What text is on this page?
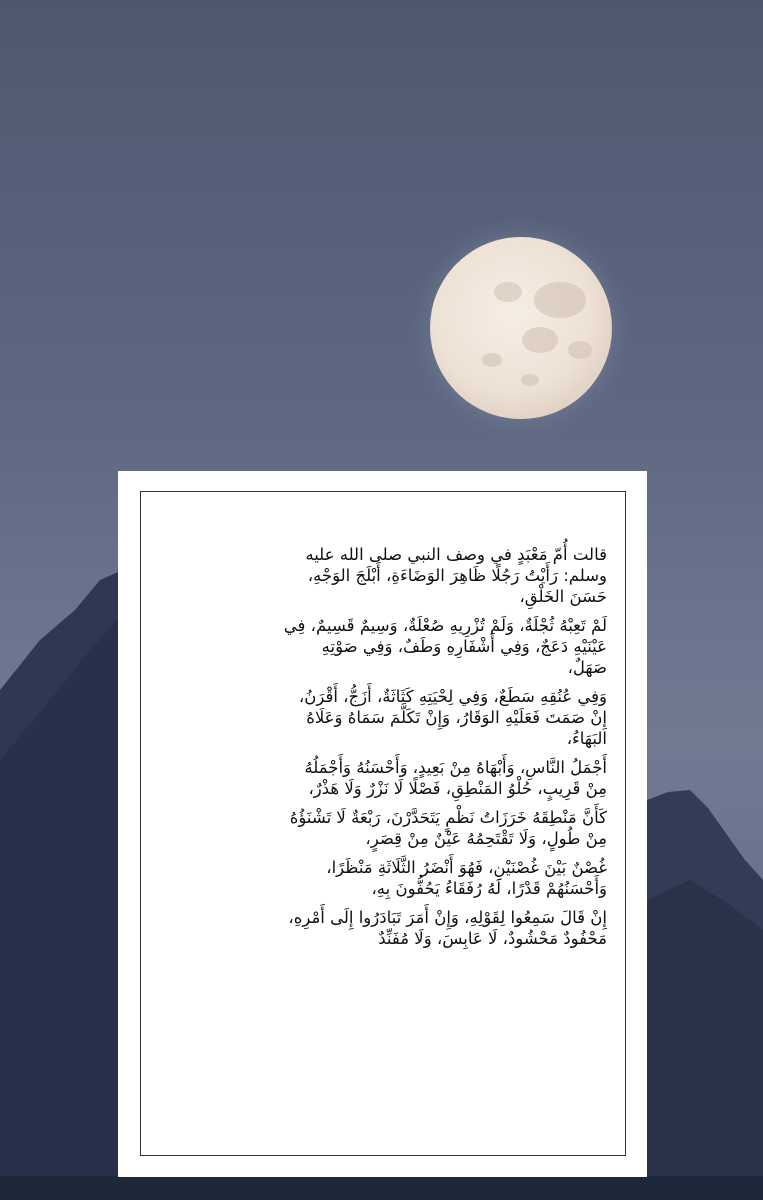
قالت أُمّ مَعْبَدٍ في وصف النبي صلى الله عليه
وسلم: رَأَيْتُ رَجُلًا ظَاهِرَ الوَضَاءَةِ، أَبْلَجَ الوَجْهِ،
حَسَنَ الخَلْقِ،
لَمْ تَعِبْهُ ثُجْلَةٌ، وَلَمْ تُزْرِيهِ صُعْلَةٌ، وَسِيمٌ قَسِيمٌ، فِي
عَيْنَيْهِ دَعَجٌ، وَفِي أَشْفَارِهِ وَطَفٌ، وَفِي صَوْتِهِ
صَهَلٌ،
وَفِي عُنُقِهِ سَطَعٌ، وَفِي لِحْيَتِهِ كَثَاثَةٌ، أَزَجُّ، أَقْرَنُ،
إِنْ صَمَتَ فَعَلَيْهِ الوَقَارُ، وَإِنْ تَكَلَّمَ سَمَاهُ وَعَلَاهُ
البَهَاءُ،
أَجْمَلُ النَّاسِ، وَأَبْهَاهُ مِنْ بَعِيدٍ، وَأَحْسَنُهُ وَأَجْمَلُهُ
مِنْ قَرِيبٍ، حُلْوُ المَنْطِقِ، فَصْلًا لَا نَزْرٌ وَلَا هَذْرٌ،
كَأَنَّ مَنْطِقَهُ خَرَزَاتُ نَظْمٍ يَتَحَدَّرْنَ، رَبْعَةٌ لَا تَشْنَؤُهُ
مِنْ طُولٍ، وَلَا تَقْتَحِمُهُ عَيْنٌ مِنْ قِصَرٍ،
غُصْنٌ بَيْنَ غُصْنَيْنِ، فَهُوَ أَنْضَرُ الثَّلَاثَةِ مَنْظَرًا،
وَأَحْسَنُهُمْ قَدْرًا، لَهُ رُفَقَاءُ يَحُفُّونَ بِهِ،
إِنْ قَالَ سَمِعُوا لِقَوْلِهِ، وَإِنْ أَمَرَ تَبَادَرُوا إِلَى أَمْرِهِ،
مَحْفُودٌ مَحْشُودٌ، لَا عَابِسَ، وَلَا مُفَنِّدٌ
